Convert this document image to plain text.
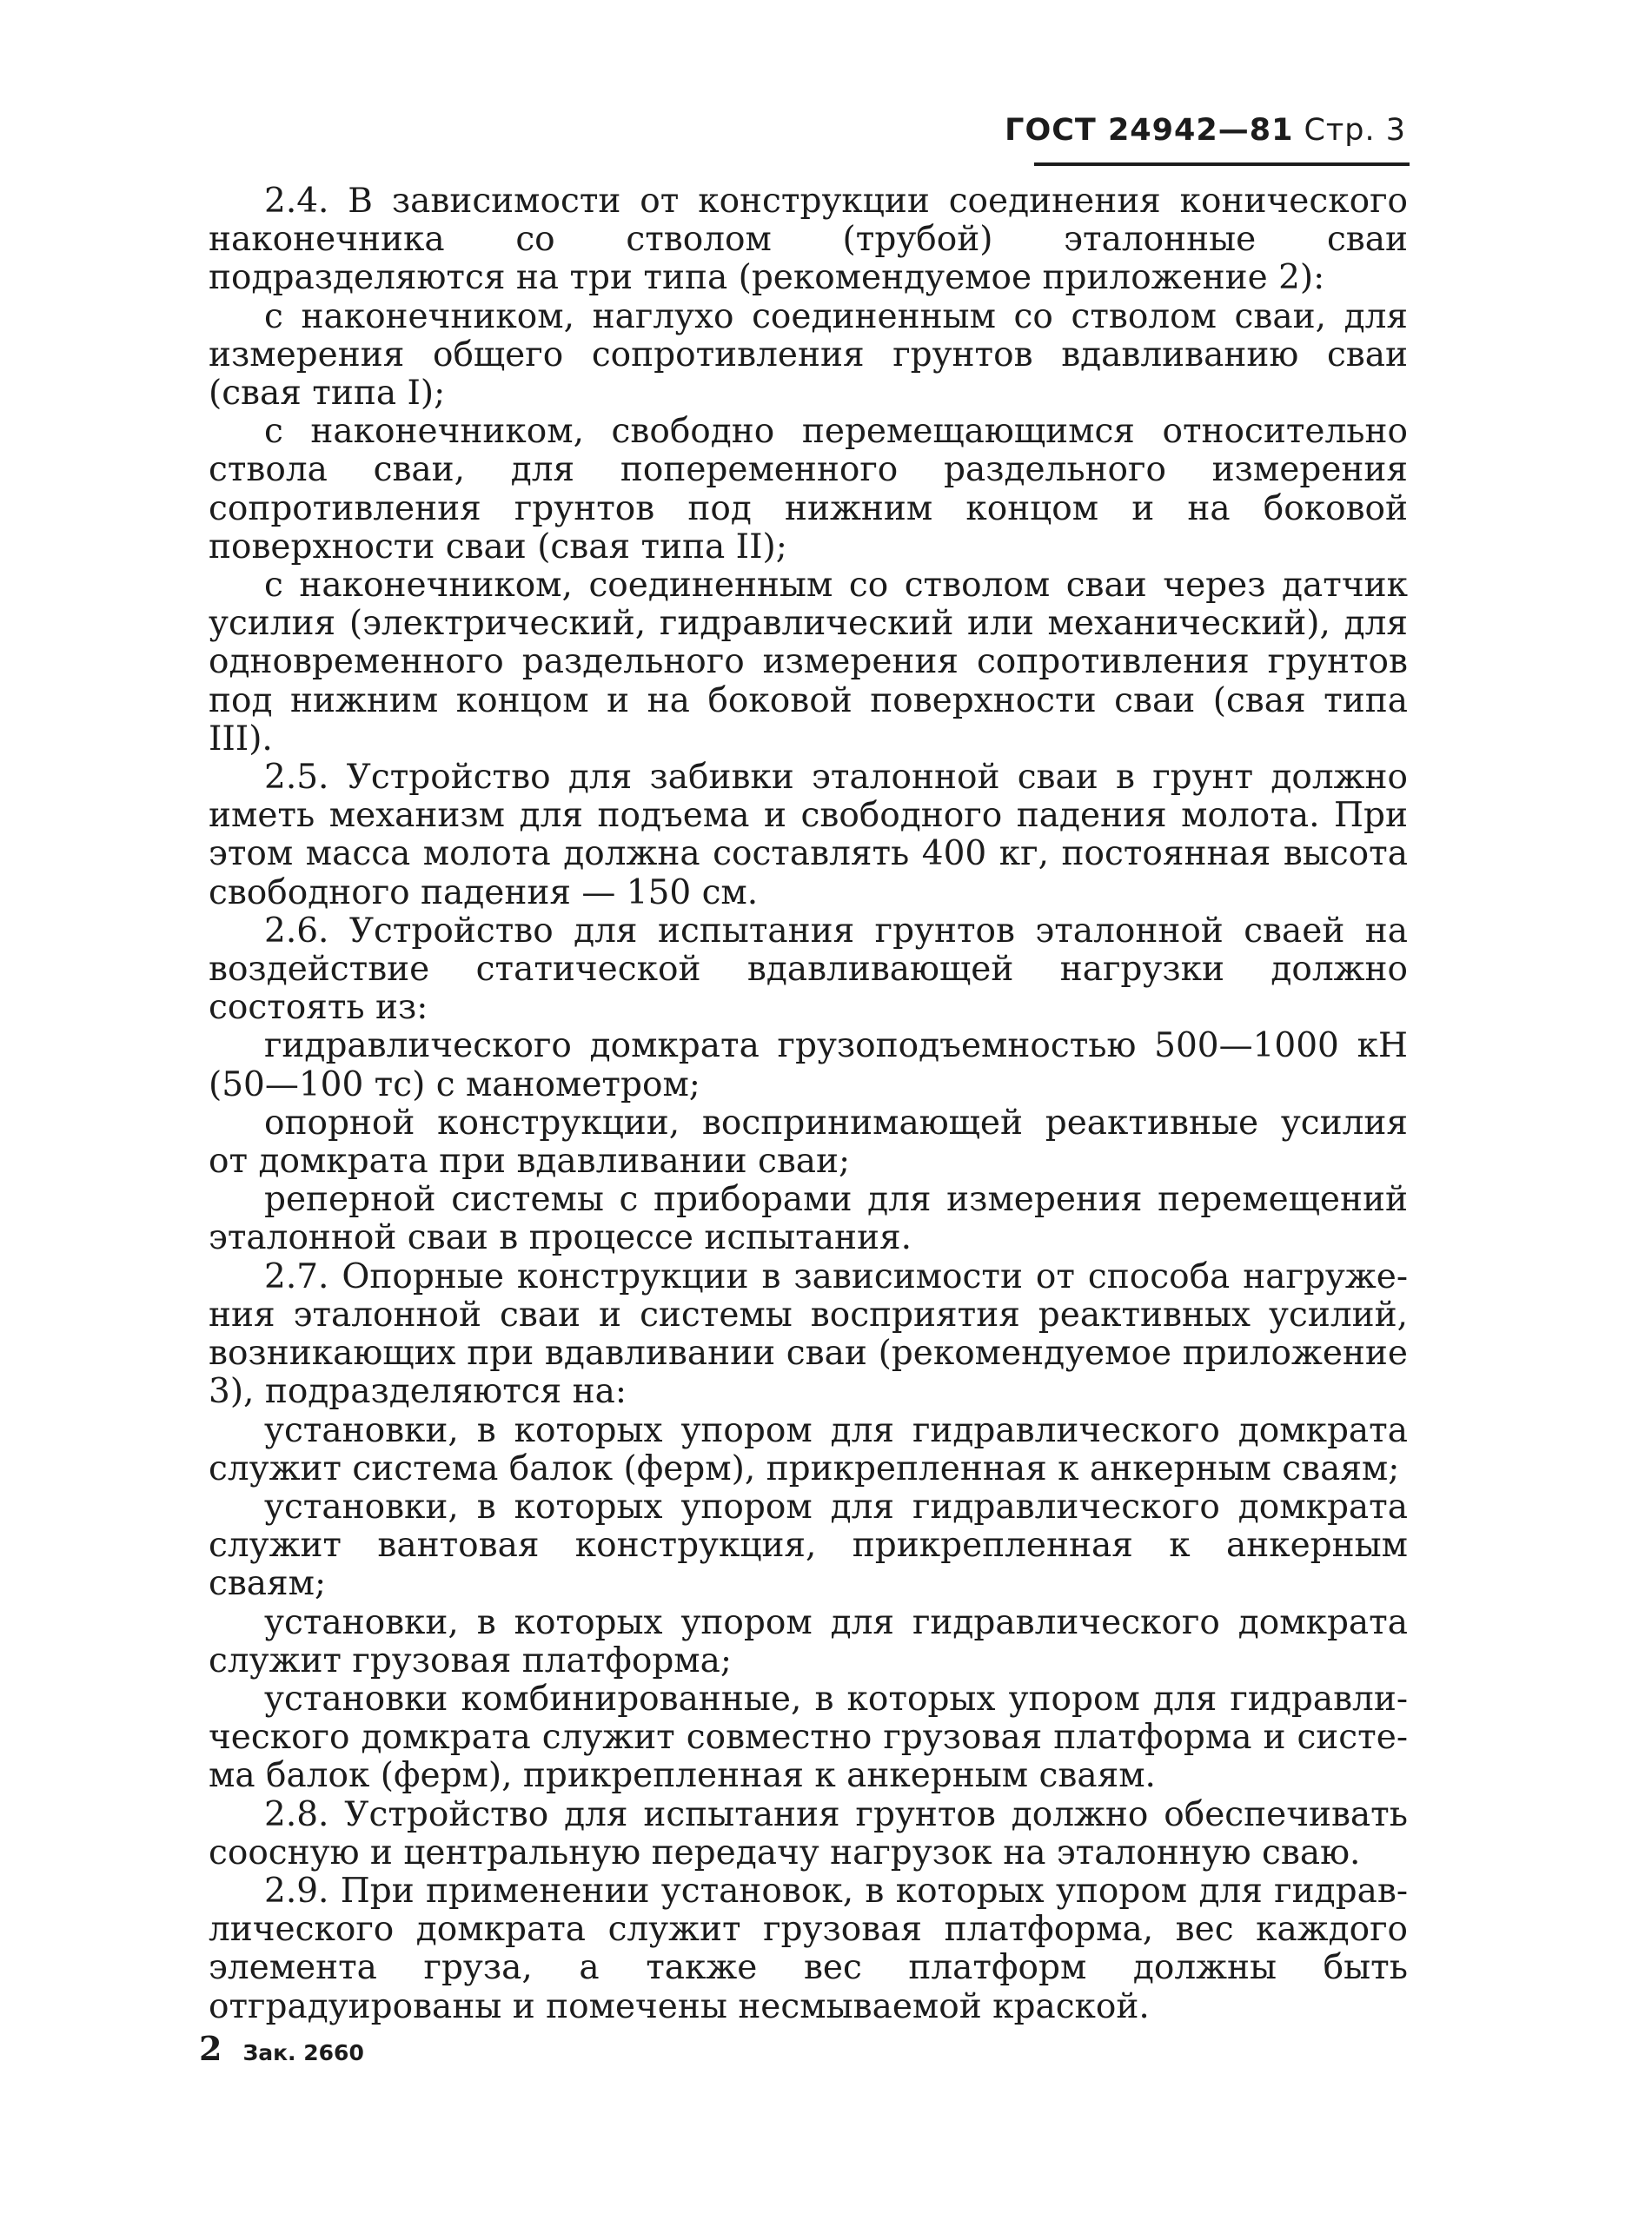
ГОСТ 24942—81 Стр. 3

2.4. В зависимости от конструкции соединения конического наконечника со стволом (трубой) эталонные сваи подразделяются на три типа (рекомендуемое приложение 2):

с наконечником, наглухо соединенным со стволом сваи, для измерения общего сопротивления грунтов вдавливанию сваи (свая типа I);

с наконечником, свободно перемещающимся относительно ствола сваи, для попеременного раздельного измерения сопротивления грунтов под нижним концом и на боковой поверхности сваи (свая типа II);

с наконечником, соединенным со стволом сваи через датчик усилия (электрический, гидравлический или механический), для одновременного раздельного измерения сопротивления грунтов под нижним концом и на боковой поверхности сваи (свая типа III).

2.5. Устройство для забивки эталонной сваи в грунт должно иметь механизм для подъема и свободного падения молота. При этом масса молота должна составлять 400 кг, постоянная высота свободного падения — 150 см.

2.6. Устройство для испытания грунтов эталонной сваей на воздействие статической вдавливающей нагрузки должно состоять из:

гидравлического домкрата грузоподъемностью 500—1000 кН (50—100 тс) с манометром;

опорной конструкции, воспринимающей реактивные усилия от домкрата при вдавливании сваи;

реперной системы с приборами для измерения перемещений эталонной сваи в процессе испытания.

2.7. Опорные конструкции в зависимости от способа нагружения эталонной сваи и системы восприятия реактивных усилий, возникающих при вдавливании сваи (рекомендуемое приложение 3), подразделяются на:

установки, в которых упором для гидравлического домкрата служит система балок (ферм), прикрепленная к анкерным сваям;

установки, в которых упором для гидравлического домкрата служит вантовая конструкция, прикрепленная к анкерным сваям;

установки, в которых упором для гидравлического домкрата служит грузовая платформа;

установки комбинированные, в которых упором для гидравлического домкрата служит совместно грузовая платформа и система балок (ферм), прикрепленная к анкерным сваям.

2.8. Устройство для испытания грунтов должно обеспечивать соосную и центральную передачу нагрузок на эталонную сваю.

2.9. При применении установок, в которых упором для гидравлического домкрата служит грузовая платформа, вес каждого элемента груза, а также вес платформ должны быть отградуированы и помечены несмываемой краской.

2 Зак. 2660
